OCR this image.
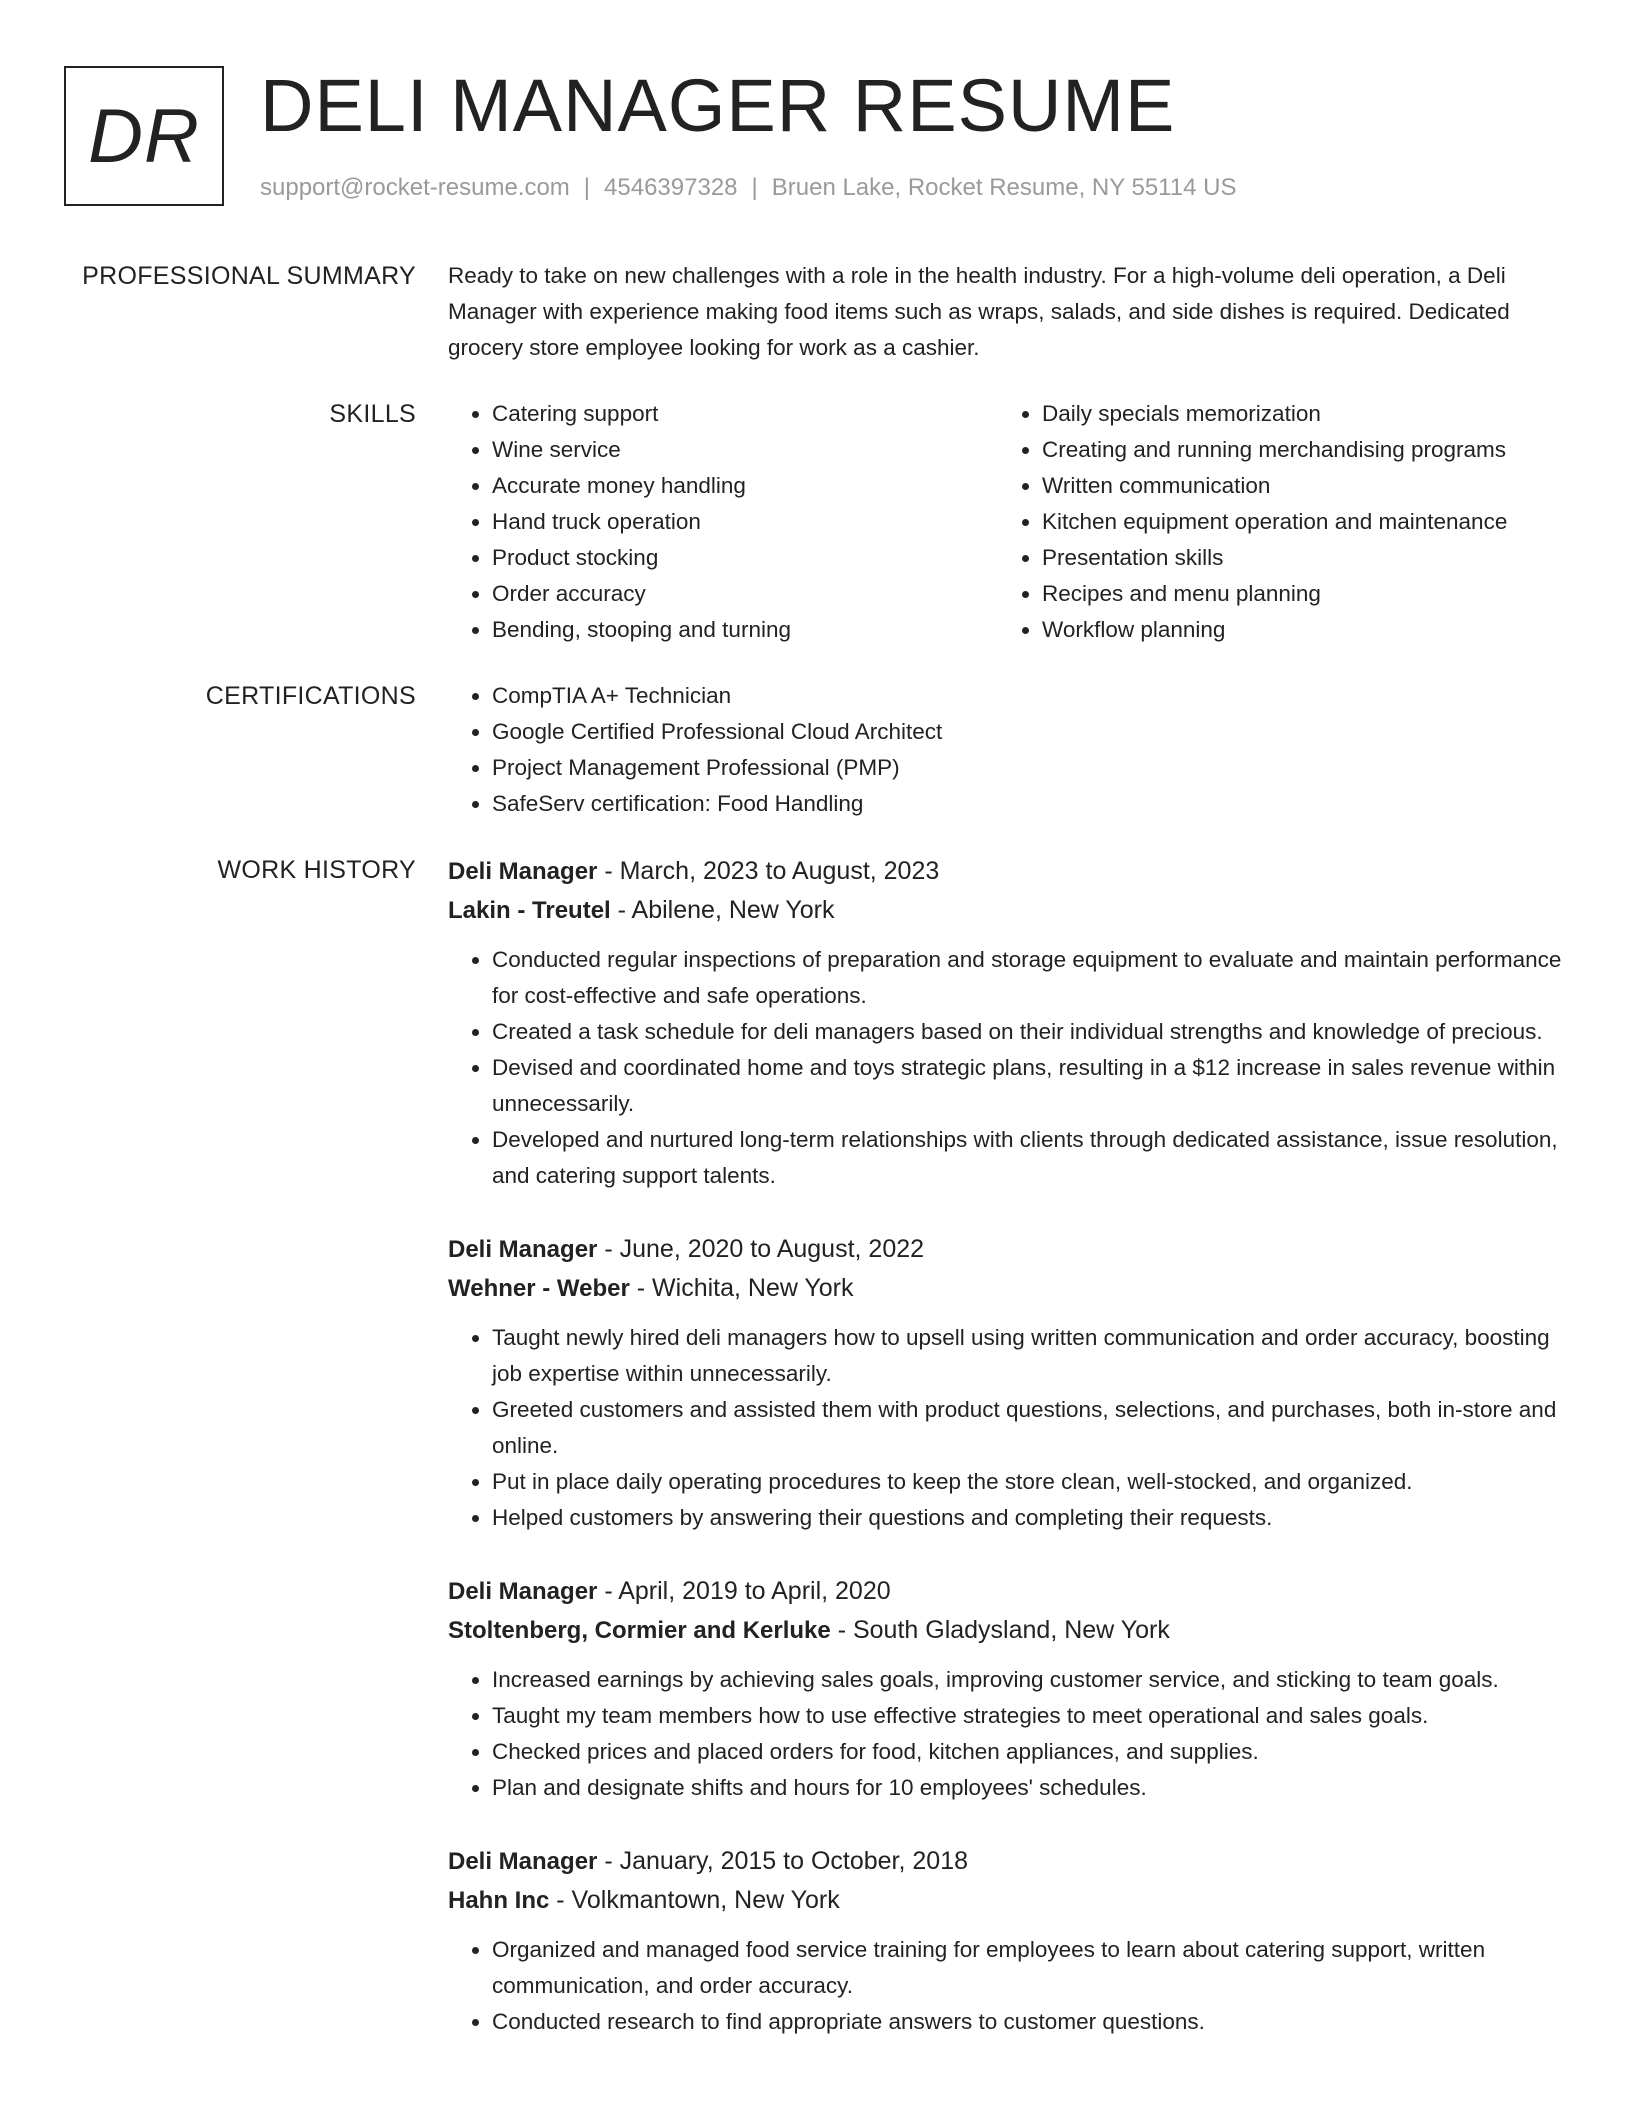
DR DELI MANAGER RESUME
support@rocket-resume.com | 4546397328 | Bruen Lake, Rocket Resume, NY 55114 US
PROFESSIONAL SUMMARY Ready to take on new challenges with a role in the health industry. For a high-volume deli operation, a Deli Manager with experience making food items such as wraps, salads, and side dishes is required. Dedicated grocery store employee looking for work as a cashier.
SKILLS	• Catering support
• Wine service
• Accurate money handling
• Hand truck operation
• Product stocking
• Order accuracy
• Bending, stooping and turning
• Daily specials memorization
• Creating and running merchandising programs
• Written communication
• Kitchen equipment operation and maintenance
• Presentation skills
• Recipes and menu planning
• Workflow planning
CERTIFICATIONS	• CompTIA A+ Technician
• Google Certified Professional Cloud Architect
• Project Management Professional (PMP)
• SafeServ certification: Food Handling
WORK HISTORY Deli Manager - March, 2023 to August, 2023
Lakin - Treutel - Abilene, New York
• Conducted regular inspections of preparation and storage equipment to evaluate and maintain performance for cost-effective and safe operations.
• Created a task schedule for deli managers based on their individual strengths and knowledge of precious.
• Devised and coordinated home and toys strategic plans, resulting in a $12 increase in sales revenue within unnecessarily.
• Developed and nurtured long-term relationships with clients through dedicated assistance, issue resolution, and catering support talents.
Deli Manager - June, 2020 to August, 2022
Wehner - Weber - Wichita, New York
• Taught newly hired deli managers how to upsell using written communication and order accuracy, boosting job expertise within unnecessarily.
• Greeted customers and assisted them with product questions, selections, and purchases, both in-store and online.
• Put in place daily operating procedures to keep the store clean, well-stocked, and organized.
• Helped customers by answering their questions and completing their requests.
Deli Manager - April, 2019 to April, 2020
Stoltenberg, Cormier and Kerluke - South Gladysland, New York
• Increased earnings by achieving sales goals, improving customer service, and sticking to team goals.
• Taught my team members how to use effective strategies to meet operational and sales goals.
• Checked prices and placed orders for food, kitchen appliances, and supplies.
• Plan and designate shifts and hours for 10 employees' schedules.
Deli Manager - January, 2015 to October, 2018
Hahn Inc - Volkmantown, New York
• Organized and managed food service training for employees to learn about catering support, written communication, and order accuracy.
• Conducted research to find appropriate answers to customer questions.
